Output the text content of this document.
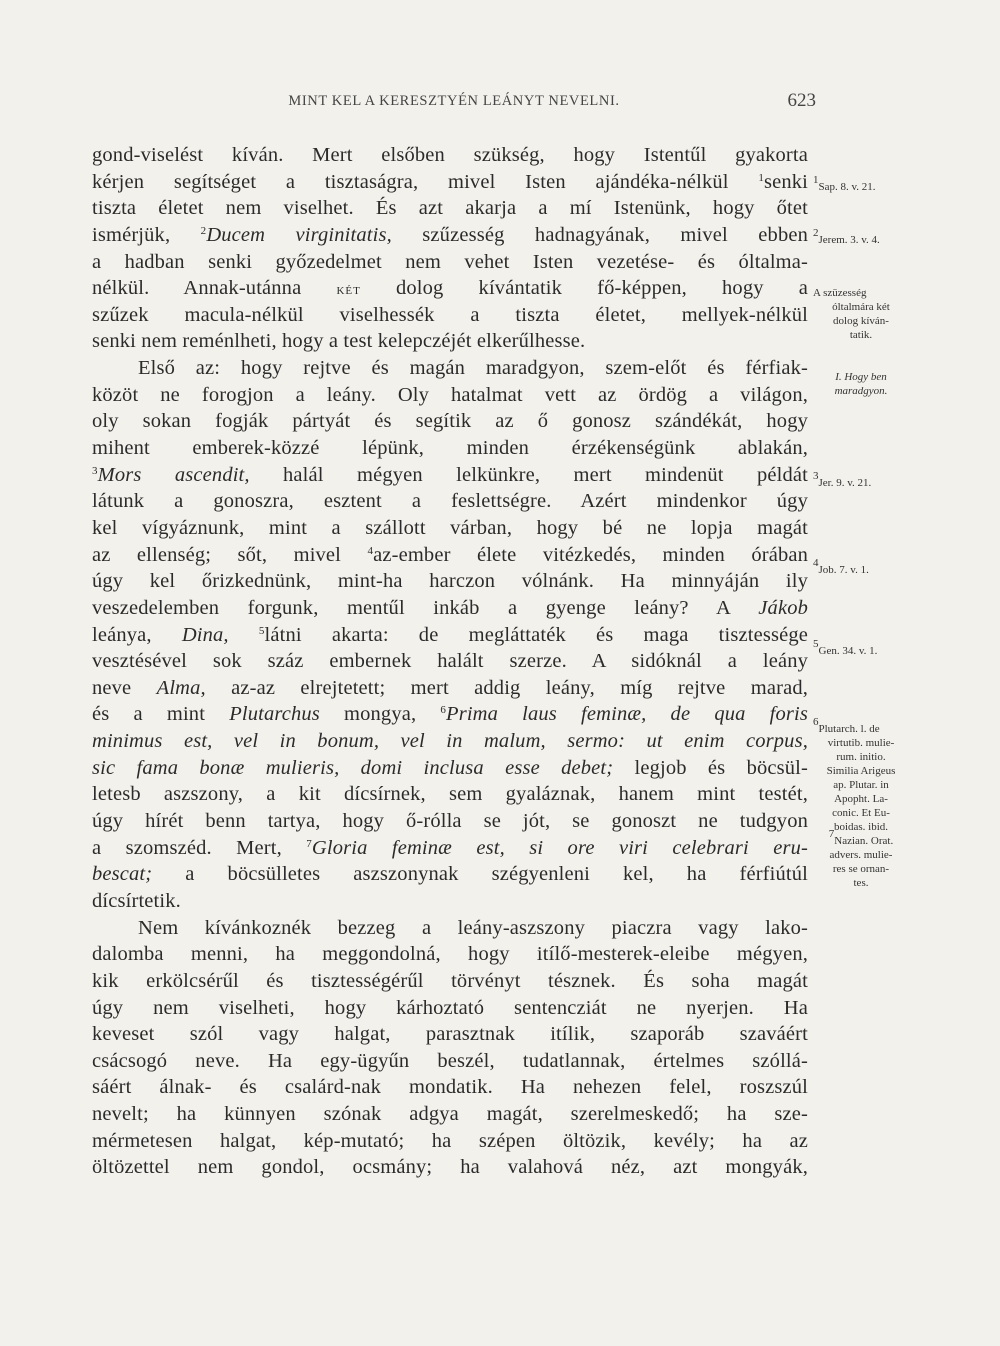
MINT KEL A KERESZTYÉN LEÁNYT NEVELNI.	623
gond-viselést kíván. Mert elsőben szükség, hogy Istentűl gyakorta
kérjen segítséget a tisztaságra, mivel Isten ajándéka-nélkül $^1$senki
tiszta életet nem viselhet. És azt akarja a mí Istenünk, hogy őtet
ismérjük, $^2$Ducem virginitatis, szűzesség hadnagyának, mivel ebben
a hadban senki győzedelmet nem vehet Isten vezetése- és óltalma-
nélkül. Annak-utánna két dolog kívántatik fő-képpen, hogy a
szűzek macula-nélkül viselhessék a tiszta életet, mellyek-nélkül
senki nem reménlheti, hogy a test kelepczéjét elkerűlhesse.
Első az: hogy rejtve és magán maradgyon, szem-előt és férfiak-
közöt ne forogjon a leány. Oly hatalmat vett az ördög a világon,
oly sokan fogják pártyát és segítik az ő gonosz szándékát, hogy
mihent emberek-közzé lépünk, minden érzékenségünk ablakán,
$^3$Mors ascendit, halál mégyen lelkünkre, mert mindenüt példát
látunk a gonoszra, esztent a feslettségre. Azért mindenkor úgy
kel vígyáznunk, mint a szállott várban, hogy bé ne lopja magát
az ellenség; sőt, mivel $^4$az-ember élete vitézkedés, minden órában
úgy kel őrizkednünk, mint-ha harczon vólnánk. Ha minnyáján ily
veszedelemben forgunk, mentűl inkáb a gyenge leány? A Jákob
leánya, Dina,	$^5$látni akarta: de megláttaték és maga tisztessége
vesztésével sok száz embernek halált szerze. A sidóknál a leány
neve Alma, az-az elrejtetett; mert addig leány, míg rejtve marad,
és a mint Plutarchus mongya, $^6$Prima laus feminæ, de qua foris
minimus est, vel in bonum, vel in malum, sermo: ut enim corpus,
sic fama bonæ mulieris, domi inclusa esse debet; legjob és böcsül-
letesb aszszony, a kit dícsírnek, sem gyaláznak, hanem mint testét,
úgy hírét benn tartya, hogy ő-rólla se jót, se gonoszt ne tudgyon
a szomszéd. Mert, $^7$Gloria feminæ est, si ore viri celebrari eru-
bescat; a böcsülletes aszszonynak szégyenleni kel, ha férfiútúl
dícsírtetik.
Nem kívánkoznék bezzeg a leány-aszszony piaczra vagy lako-
dalomba menni, ha meggondolná, hogy itílő-mesterek-eleibe mégyen,
kik erkölcsérűl és tisztességérűl törvényt tésznek. És soha magát
úgy nem viselheti, hogy kárhoztató sentencziát ne nyerjen. Ha
keveset szól vagy halgat, parasztnak itílik, szaporáb szaváért
csácsogó neve. Ha egy-ügyűn beszél, tudatlannak, értelmes szóllá-
sáért álnak- és csalárd-nak mondatik. Ha nehezen felel, roszszúl
nevelt; ha künnyen szónak adgya magát, szerelmeskedő; ha sze-
mérmetesen halgat, kép-mutató; ha szépen öltözik, kevély; ha az
öltözettel nem gondol, ocsmány; ha valahová néz, azt mongyák,
$^1$Sap. 8. v. 21.
$^2$Jerem. 3. v. 4.
A szüzesség
óltalmára két
dolog kíván-
tatik.
I. Hogy ben
maradgyon.
$^3$Jer. 9. v. 21.
$^4$Job. 7. v. 1.
$^5$Gen. 34. v. 1.
$^6$Plutarch. l. de
virtutib. mulie-
rum. initio.
Similia Arigeus
ap. Plutar. in
Apopht. La-
conic. Et Eu-
boidas. ibid.
$^7$Nazian. Orat.
advers. mulie-
res se ornan-
tes.
